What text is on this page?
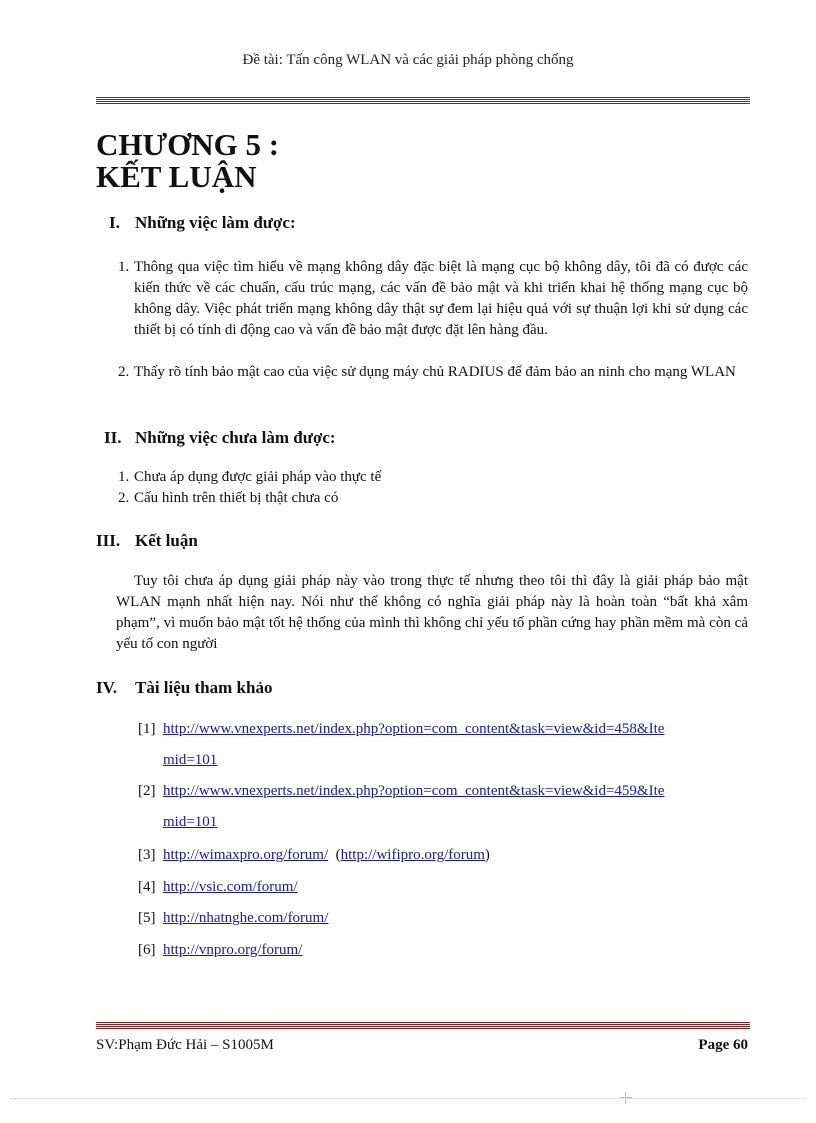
Đề tài: Tấn công WLAN và các giải pháp phòng chống
CHƯƠNG 5 :
KẾT LUẬN
I. Những việc làm được:
1. Thông qua việc tìm hiểu về mạng không dây đặc biệt là mạng cục bộ không dây, tôi đã có được các kiến thức về các chuẩn, cấu trúc mạng, các vấn đề bảo mật và khi triển khai hệ thống mạng cục bộ không dây. Việc phát triển mạng không dây thật sự đem lại hiệu quả với sự thuận lợi khi sử dụng các thiết bị có tính di động cao và vấn đề bảo mật được đặt lên hàng đầu.
2. Thấy rõ tính bảo mật cao của việc sử dụng máy chủ RADIUS để đảm bảo an ninh cho mạng WLAN
II. Những việc chưa làm được:
1. Chưa áp dụng được giải pháp vào thực tế
2. Cấu hình trên thiết bị thật chưa có
III. Kết luận
Tuy tôi chưa áp dụng giải pháp này vào trong thực tế nhưng theo tôi thì đây là giải pháp bảo mật WLAN mạnh nhất hiện nay. Nói như thế không có nghĩa giải pháp này là hoàn toàn “bất khả xâm phạm”, vì muốn bảo mật tốt hệ thống của mình thì không chỉ yếu tố phần cứng hay phần mềm mà còn cả yếu tố con người
IV. Tài liệu tham khảo
[1] http://www.vnexperts.net/index.php?option=com_content&task=view&id=458&Ite
mid=101
[2] http://www.vnexperts.net/index.php?option=com_content&task=view&id=459&Ite
mid=101
[3] http://wimaxpro.org/forum/ (http://wifipro.org/forum)
[4] http://vsic.com/forum/
[5] http://nhatnghe.com/forum/
[6] http://vnpro.org/forum/
SV:Phạm Đức Hải – S1005M	Page 60
